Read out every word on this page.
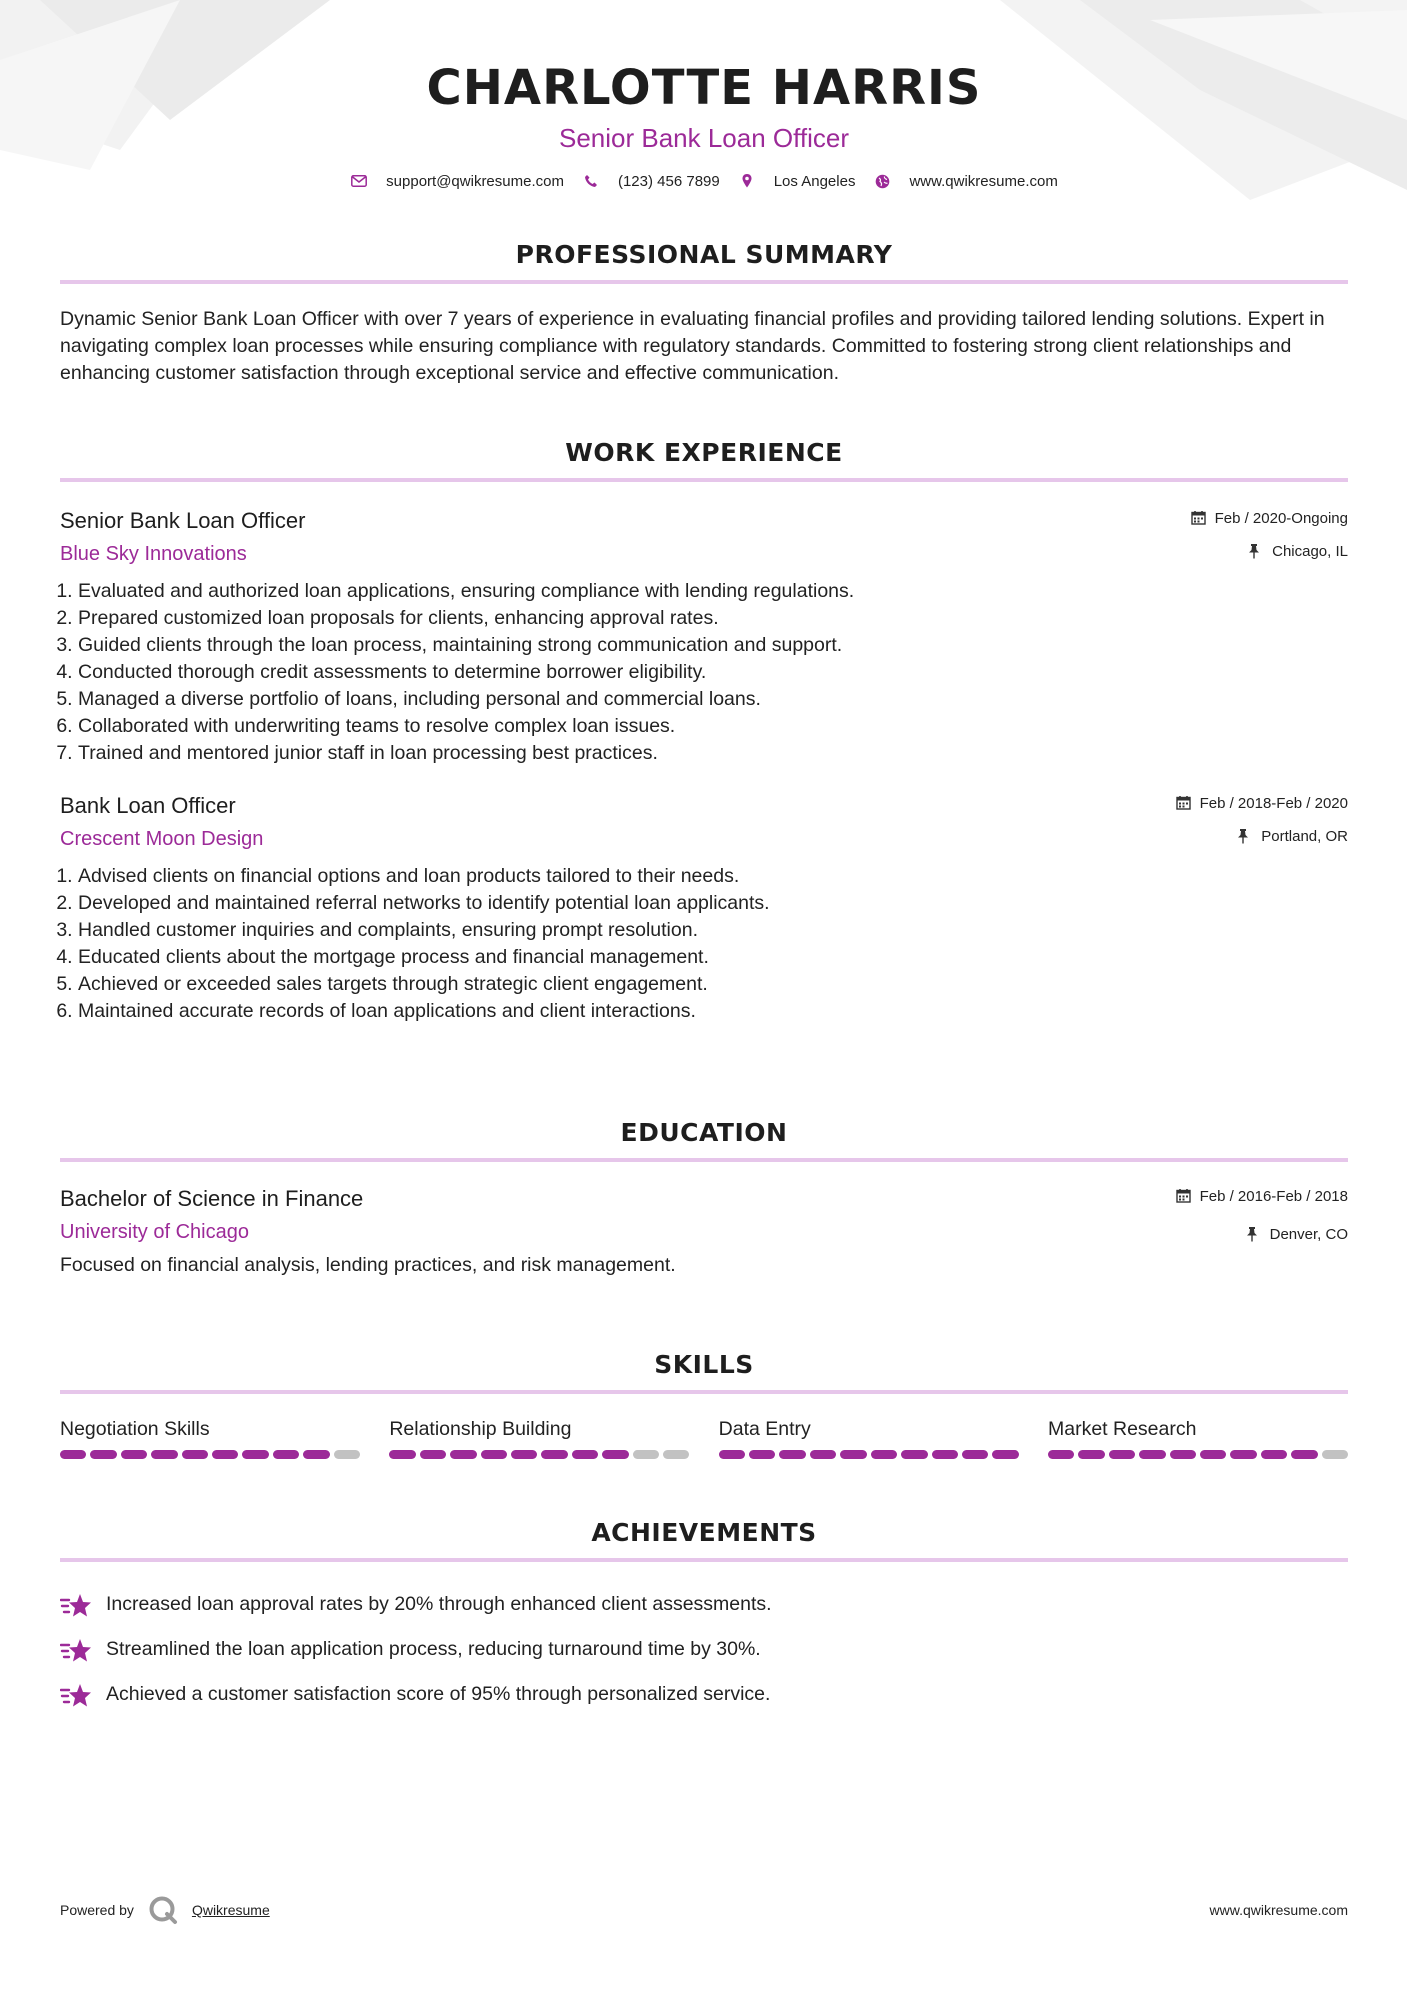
CHARLOTTE HARRIS
Senior Bank Loan Officer
support@qwikresume.com	(123) 456 7899	Los Angeles	www.qwikresume.com
PROFESSIONAL SUMMARY

Dynamic Senior Bank Loan Officer with over 7 years of experience in evaluating financial profiles and providing tailored lending solutions. Expert in navigating complex loan processes while ensuring compliance with regulatory standards. Committed to fostering strong client relationships and enhancing customer satisfaction through exceptional service and effective communication.

WORK EXPERIENCE
Senior Bank Loan Officer
Blue Sky Innovations
Feb / 2020-Ongoing
Chicago, IL
1. Evaluated and authorized loan applications, ensuring compliance with lending regulations.
2. Prepared customized loan proposals for clients, enhancing approval rates.
3. Guided clients through the loan process, maintaining strong communication and support.
4. Conducted thorough credit assessments to determine borrower eligibility.
5. Managed a diverse portfolio of loans, including personal and commercial loans.
6. Collaborated with underwriting teams to resolve complex loan issues.
7. Trained and mentored junior staff in loan processing best practices.
Bank Loan Officer
Crescent Moon Design
Feb / 2018-Feb / 2020
Portland, OR
1. Advised clients on financial options and loan products tailored to their needs.
2. Developed and maintained referral networks to identify potential loan applicants.
3. Handled customer inquiries and complaints, ensuring prompt resolution.
4. Educated clients about the mortgage process and financial management.
5. Achieved or exceeded sales targets through strategic client engagement.
6. Maintained accurate records of loan applications and client interactions.
EDUCATION
Bachelor of Science in Finance
University of Chicago
Feb / 2016-Feb / 2018
Denver, CO

Focused on financial analysis, lending practices, and risk management.

SKILLS
Negotiation Skills	Relationship Building	Data Entry	Market Research
ACHIEVEMENTS
Increased loan approval rates by 20% through enhanced client assessments.
Streamlined the loan application process, reducing turnaround time by 30%.
Achieved a customer satisfaction score of 95% through personalized service.
Powered by	Qwikresume	www.qwikresume.com
